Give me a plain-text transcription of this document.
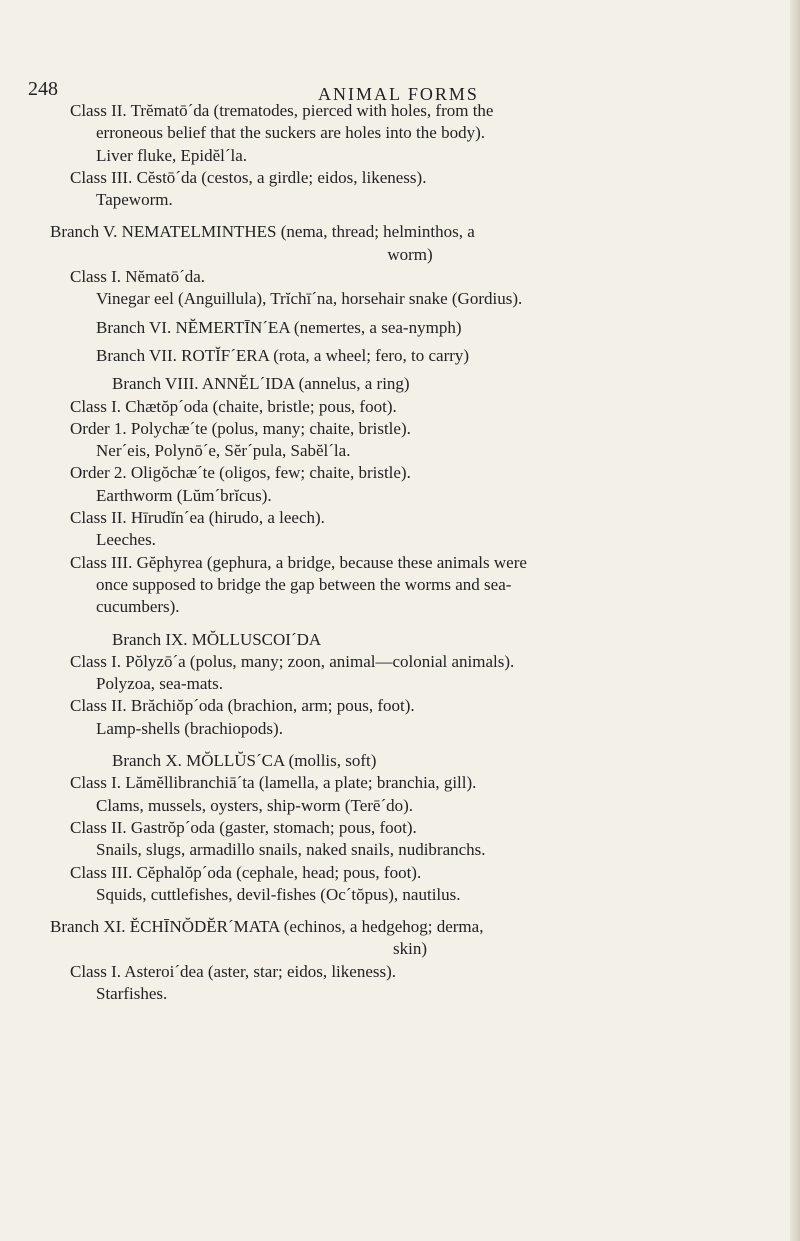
248	ANIMAL FORMS
Class II. Trĕmatō´da (trematodes, pierced with holes, from the
erroneous belief that the suckers are holes into the body).
Liver fluke, Epidĕl´la.
Class III. Cĕstō´da (cestos, a girdle; eidos, likeness).
Tapeworm.
Branch V. NEMATELMINTHES (nema, thread; helminthos, a
worm)
Class I. Nĕmatō´da.
Vinegar eel (Anguillula), Trĭchī´na, horsehair snake (Gordius).
Branch VI. NĔMERTĪN´EA (nemertes, a sea-nymph)
Branch VII. ROTĬF´ERA (rota, a wheel; fero, to carry)
Branch VIII. ANNĔL´IDA (annelus, a ring)
Class I. Chætŏp´oda (chaite, bristle; pous, foot).
Order 1. Polychæ´te (polus, many; chaite, bristle).
Ner´eis, Polynō´e, Sĕr´pula, Sabĕl´la.
Order 2. Oligŏchæ´te (oligos, few; chaite, bristle).
Earthworm (Lŭm´brĭcus).
Class II. Hīrudĭn´ea (hirudo, a leech).
Leeches.
Class III. Gĕphyrea (gephura, a bridge, because these animals were
once supposed to bridge the gap between the worms and sea-
cucumbers).
Branch IX. MŎLLUSCOI´DA
Class I. Pŏlyzō´a (polus, many; zoon, animal—colonial animals).
Polyzoa, sea-mats.
Class II. Brăchiŏp´oda (brachion, arm; pous, foot).
Lamp-shells (brachiopods).
Branch X. MŎLLŬS´CA (mollis, soft)
Class I. Lămĕllibranchiā´ta (lamella, a plate; branchia, gill).
Clams, mussels, oysters, ship-worm (Terē´do).
Class II. Gastrŏp´oda (gaster, stomach; pous, foot).
Snails, slugs, armadillo snails, naked snails, nudibranchs.
Class III. Cĕphalŏp´oda (cephale, head; pous, foot).
Squids, cuttlefishes, devil-fishes (Oc´tŏpus), nautilus.
Branch XI. ĔCHĪNŎDĔR´MATA (echinos, a hedgehog; derma,
skin)
Class I. Asteroi´dea (aster, star; eidos, likeness).
Starfishes.
